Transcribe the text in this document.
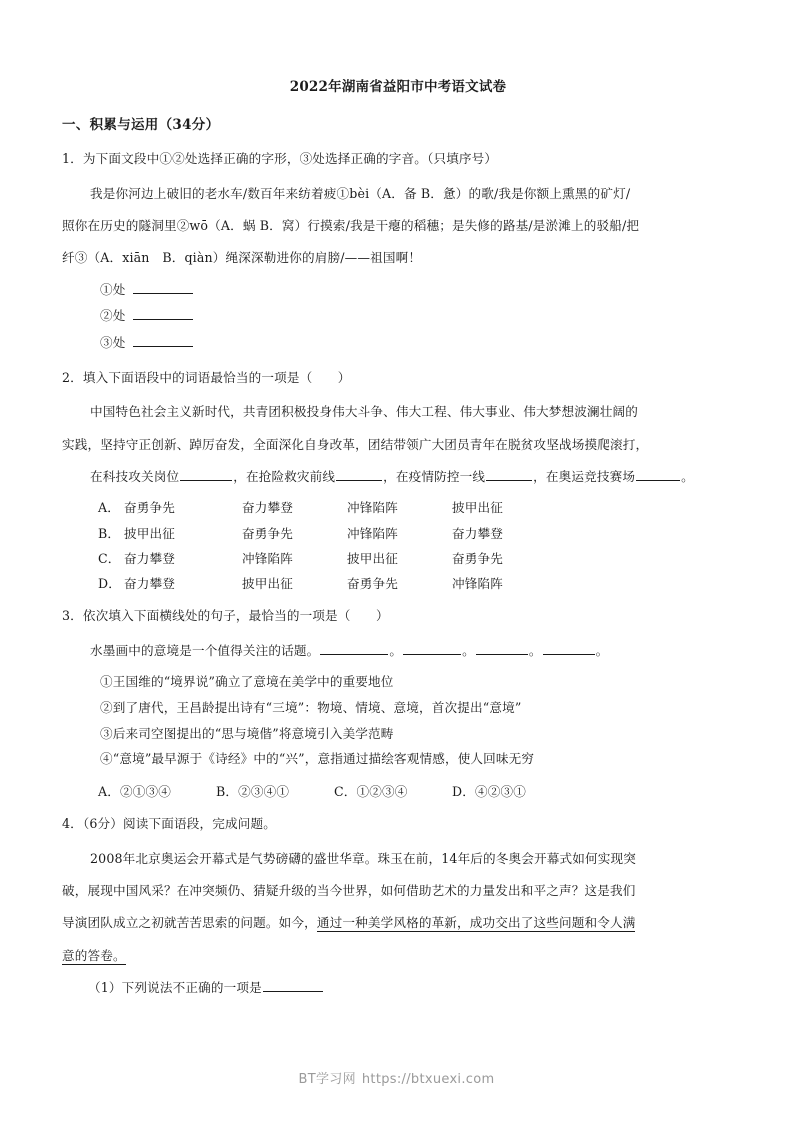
2022年湖南省益阳市中考语文试卷
一、积累与运用（34分）
1．为下面文段中①②处选择正确的字形，③处选择正确的字音。（只填序号）
我是你河边上破旧的老水车/数百年来纺着疲①bèi（A．备 B．惫）的歌/我是你额上熏黑的矿灯/
照你在历史的隧洞里②wō（A．蜗 B．窝）行摸索/我是干瘪的稻穗；是失修的路基/是淤滩上的驳船/把
纤③（A．xiān　B．qiàn）绳深深勒进你的肩膀/——祖国啊！
①处
②处
③处
2．填入下面语段中的词语最恰当的一项是（　　）
中国特色社会主义新时代，共青团积极投身伟大斗争、伟大工程、伟大事业、伟大梦想波澜壮阔的
实践，坚持守正创新、踔厉奋发，全面深化自身改革，团结带领广大团员青年在脱贫攻坚战场摸爬滚打，
在科技攻关岗位	，在抢险救灾前线	，在疫情防控一线	，在奥运竞技赛场	。
A．	奋勇争先	奋力攀登	冲锋陷阵	披甲出征
B．	披甲出征	奋勇争先	冲锋陷阵	奋力攀登
C．	奋力攀登	冲锋陷阵	披甲出征	奋勇争先
D．	奋力攀登	披甲出征	奋勇争先	冲锋陷阵
3．依次填入下面横线处的句子，最恰当的一项是（　　）
水墨画中的意境是一个值得关注的话题。	。	。	。	。
①王国维的“境界说”确立了意境在美学中的重要地位
②到了唐代，王昌龄提出诗有“三境”：物境、情境、意境，首次提出“意境”
③后来司空图提出的“思与境偕”将意境引入美学范畴
④“意境”最早源于《诗经》中的“兴”，意指通过描绘客观情感，使人回味无穷
A．②①③④	B．②③④①	C．①②③④	D．④②③①
4．（6分）阅读下面语段，完成问题。
2008年北京奥运会开幕式是气势磅礴的盛世华章。珠玉在前，14年后的冬奥会开幕式如何实现突
破，展现中国风采？在冲突频仍、猜疑升级的当今世界，如何借助艺术的力量发出和平之声？这是我们
导演团队成立之初就苦苦思索的问题。如今，通过一种美学风格的革新，成功交出了这些问题和令人满
意的答卷。
（1）下列说法不正确的一项是
BT学习网 https://btxuexi.com
